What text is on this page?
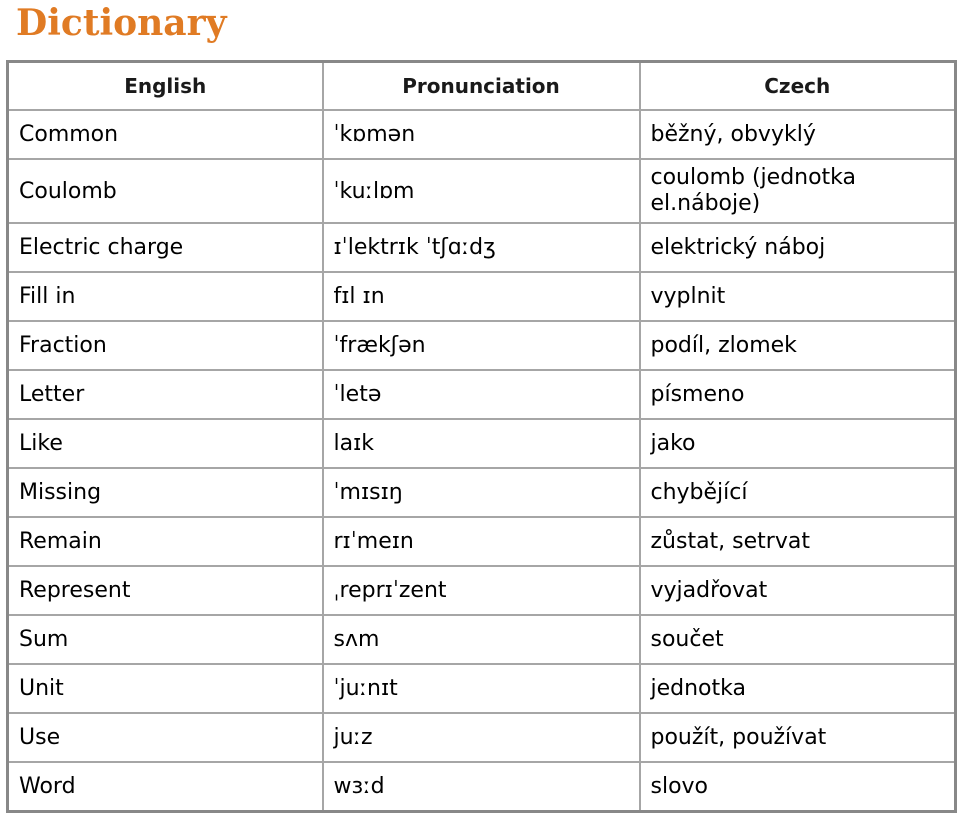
Dictionary
English	Pronunciation	Czech
Common	ˈkɒmən	běžný, obvyklý
Coulomb	ˈkuːlɒm	coulomb (jednotka el.náboje)
Electric charge	ɪˈlektrɪk ˈtʃɑːdʒ	elektrický náboj
Fill in	fɪl ɪn	vyplnit
Fraction	ˈfrækʃən	podíl, zlomek
Letter	ˈletə	písmeno
Like	laɪk	jako
Missing	ˈmɪsɪŋ	chybějící
Remain	rɪˈmeɪn	zůstat, setrvat
Represent	ˌreprɪˈzent	vyjadřovat
Sum	sʌm	součet
Unit	ˈjuːnɪt	jednotka
Use	juːz	použít, používat
Word	wɜːd	slovo
